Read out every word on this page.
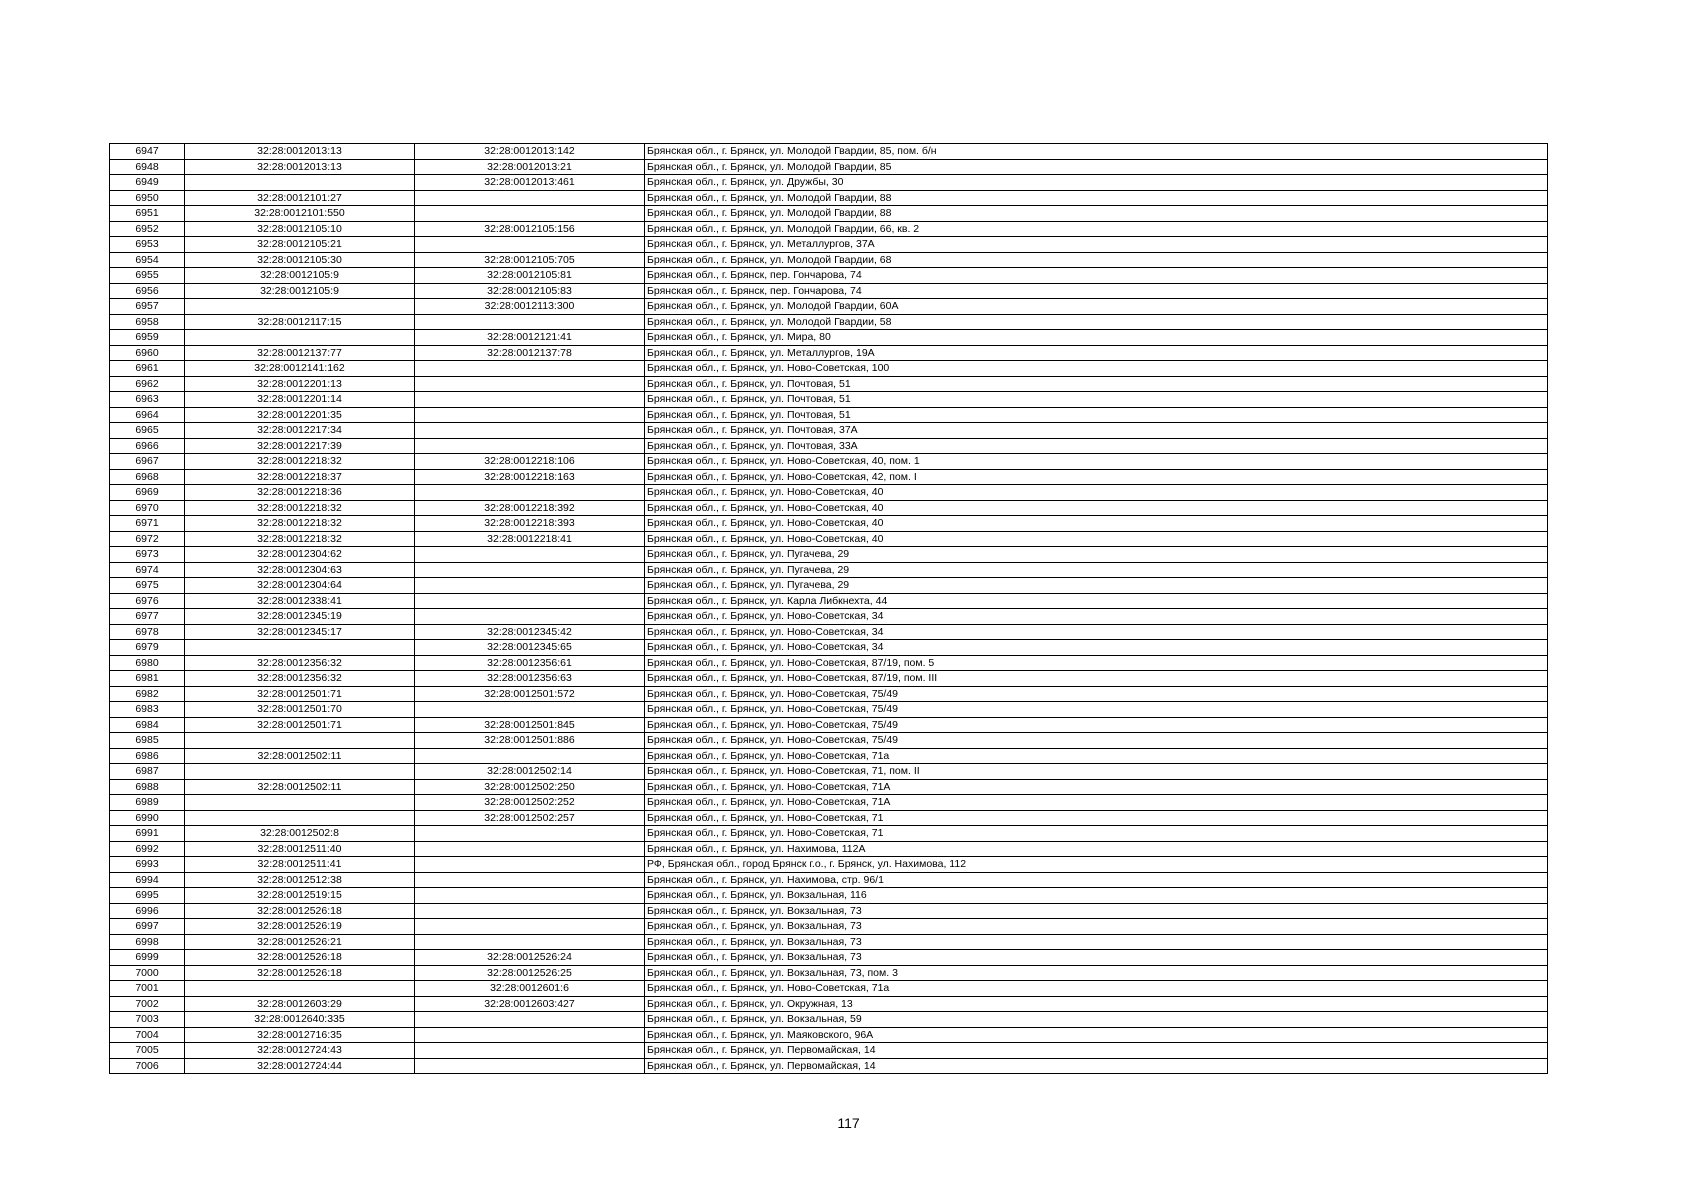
6947	32:28:0012013:13	32:28:0012013:142	Брянская обл., г. Брянск, ул. Молодой Гвардии, 85, пом. б/н
6948	32:28:0012013:13	32:28:0012013:21	Брянская обл., г. Брянск, ул. Молодой Гвардии, 85
6949		32:28:0012013:461	Брянская обл., г. Брянск, ул. Дружбы, 30
6950	32:28:0012101:27		Брянская обл., г. Брянск, ул. Молодой Гвардии, 88
6951	32:28:0012101:550		Брянская обл., г. Брянск, ул. Молодой Гвардии, 88
6952	32:28:0012105:10	32:28:0012105:156	Брянская обл., г. Брянск, ул. Молодой Гвардии, 66, кв. 2
6953	32:28:0012105:21		Брянская обл., г. Брянск, ул. Металлургов, 37А
6954	32:28:0012105:30	32:28:0012105:705	Брянская обл., г. Брянск, ул. Молодой Гвардии, 68
6955	32:28:0012105:9	32:28:0012105:81	Брянская обл., г. Брянск, пер. Гончарова, 74
6956	32:28:0012105:9	32:28:0012105:83	Брянская обл., г. Брянск, пер. Гончарова, 74
6957		32:28:0012113:300	Брянская обл., г. Брянск, ул. Молодой Гвардии, 60А
6958	32:28:0012117:15		Брянская обл., г. Брянск, ул. Молодой Гвардии, 58
6959		32:28:0012121:41	Брянская обл., г. Брянск, ул. Мира, 80
6960	32:28:0012137:77	32:28:0012137:78	Брянская обл., г. Брянск, ул. Металлургов, 19А
6961	32:28:0012141:162		Брянская обл., г. Брянск, ул. Ново-Советская, 100
6962	32:28:0012201:13		Брянская обл., г. Брянск, ул. Почтовая, 51
6963	32:28:0012201:14		Брянская обл., г. Брянск, ул. Почтовая, 51
6964	32:28:0012201:35		Брянская обл., г. Брянск, ул. Почтовая, 51
6965	32:28:0012217:34		Брянская обл., г. Брянск, ул. Почтовая, 37А
6966	32:28:0012217:39		Брянская обл., г. Брянск, ул. Почтовая, 33А
6967	32:28:0012218:32	32:28:0012218:106	Брянская обл., г. Брянск, ул. Ново-Советская, 40, пом. 1
6968	32:28:0012218:37	32:28:0012218:163	Брянская обл., г. Брянск, ул. Ново-Советская, 42, пом. I
6969	32:28:0012218:36		Брянская обл., г. Брянск, ул. Ново-Советская, 40
6970	32:28:0012218:32	32:28:0012218:392	Брянская обл., г. Брянск, ул. Ново-Советская, 40
6971	32:28:0012218:32	32:28:0012218:393	Брянская обл., г. Брянск, ул. Ново-Советская, 40
6972	32:28:0012218:32	32:28:0012218:41	Брянская обл., г. Брянск, ул. Ново-Советская, 40
6973	32:28:0012304:62		Брянская обл., г. Брянск, ул. Пугачева, 29
6974	32:28:0012304:63		Брянская обл., г. Брянск, ул. Пугачева, 29
6975	32:28:0012304:64		Брянская обл., г. Брянск, ул. Пугачева, 29
6976	32:28:0012338:41		Брянская обл., г. Брянск, ул. Карла Либкнехта, 44
6977	32:28:0012345:19		Брянская обл., г. Брянск, ул. Ново-Советская, 34
6978	32:28:0012345:17	32:28:0012345:42	Брянская обл., г. Брянск, ул. Ново-Советская, 34
6979		32:28:0012345:65	Брянская обл., г. Брянск, ул. Ново-Советская, 34
6980	32:28:0012356:32	32:28:0012356:61	Брянская обл., г. Брянск, ул. Ново-Советская, 87/19, пом. 5
6981	32:28:0012356:32	32:28:0012356:63	Брянская обл., г. Брянск, ул. Ново-Советская, 87/19, пом. III
6982	32:28:0012501:71	32:28:0012501:572	Брянская обл., г. Брянск, ул. Ново-Советская, 75/49
6983	32:28:0012501:70		Брянская обл., г. Брянск, ул. Ново-Советская, 75/49
6984	32:28:0012501:71	32:28:0012501:845	Брянская обл., г. Брянск, ул. Ново-Советская, 75/49
6985		32:28:0012501:886	Брянская обл., г. Брянск, ул. Ново-Советская, 75/49
6986	32:28:0012502:11		Брянская обл., г. Брянск, ул. Ново-Советская, 71а
6987		32:28:0012502:14	Брянская обл., г. Брянск, ул. Ново-Советская, 71, пом. II
6988	32:28:0012502:11	32:28:0012502:250	Брянская обл., г. Брянск, ул. Ново-Советская, 71А
6989		32:28:0012502:252	Брянская обл., г. Брянск, ул. Ново-Советская, 71А
6990		32:28:0012502:257	Брянская обл., г. Брянск, ул. Ново-Советская, 71
6991	32:28:0012502:8		Брянская обл., г. Брянск, ул. Ново-Советская, 71
6992	32:28:0012511:40		Брянская обл., г. Брянск, ул. Нахимова, 112А
6993	32:28:0012511:41		РФ, Брянская обл., город Брянск г.о., г. Брянск, ул. Нахимова, 112
6994	32:28:0012512:38		Брянская обл., г. Брянск, ул. Нахимова, стр. 96/1
6995	32:28:0012519:15		Брянская обл., г. Брянск, ул. Вокзальная, 116
6996	32:28:0012526:18		Брянская обл., г. Брянск, ул. Вокзальная, 73
6997	32:28:0012526:19		Брянская обл., г. Брянск, ул. Вокзальная, 73
6998	32:28:0012526:21		Брянская обл., г. Брянск, ул. Вокзальная, 73
6999	32:28:0012526:18	32:28:0012526:24	Брянская обл., г. Брянск, ул. Вокзальная, 73
7000	32:28:0012526:18	32:28:0012526:25	Брянская обл., г. Брянск, ул. Вокзальная, 73, пом. 3
7001		32:28:0012601:6	Брянская обл., г. Брянск, ул. Ново-Советская, 71а
7002	32:28:0012603:29	32:28:0012603:427	Брянская обл., г. Брянск, ул. Окружная, 13
7003	32:28:0012640:335		Брянская обл., г. Брянск, ул. Вокзальная, 59
7004	32:28:0012716:35		Брянская обл., г. Брянск, ул. Маяковского, 96А
7005	32:28:0012724:43		Брянская обл., г. Брянск, ул. Первомайская, 14
7006	32:28:0012724:44		Брянская обл., г. Брянск, ул. Первомайская, 14
117
